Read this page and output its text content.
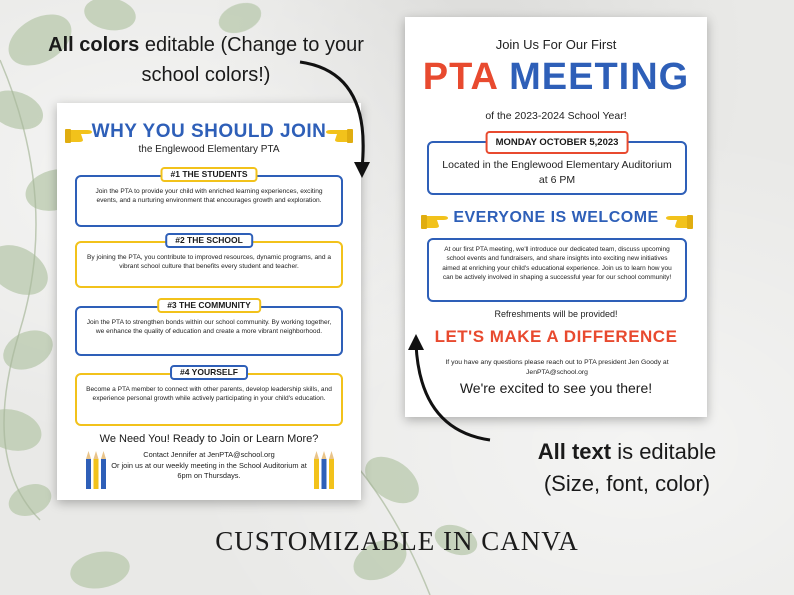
All colors editable (Change to your
school colors!)
All text is editable
(Size, font, color)
WHY YOU SHOULD JOIN
the Englewood Elementary PTA
#1 THE STUDENTS
Join the PTA to provide your child with enriched learning experiences, exciting events, and a nurturing environment that encourages growth and exploration.
#2 THE SCHOOL
By joining the PTA, you contribute to improved resources, dynamic programs, and a vibrant school culture that benefits every student and teacher.
#3 THE COMMUNITY
Join the PTA to strengthen bonds within our school community. By working together, we enhance the quality of education and create a more vibrant neighborhood.
#4 YOURSELF
Become a PTA member to connect with other parents, develop leadership skills, and experience personal growth while actively participating in your child's education.
We Need You! Ready to Join or Learn More?
Contact Jennifer at JenPTA@school.org
Or join us at our weekly meeting in the School Auditorium at 6pm on Thursdays.
Join Us For Our First
PTA MEETING
of the 2023-2024 School Year!
MONDAY OCTOBER 5,2023
Located in the Englewood Elementary Auditorium
at 6 PM
EVERYONE IS WELCOME
At our first PTA meeting, we'll introduce our dedicated team, discuss upcoming school events and fundraisers, and share insights into exciting new initiatives aimed at enriching your child's educational experience. Join us to learn how you can be actively involved in shaping a successful year for our school community!
Refreshments will be provided!
LET'S MAKE A DIFFERENCE
If you have any questions please reach out to PTA president Jen Goody at
JenPTA@school.org
We're excited to see you there!
CUSTOMIZABLE IN CANVA
